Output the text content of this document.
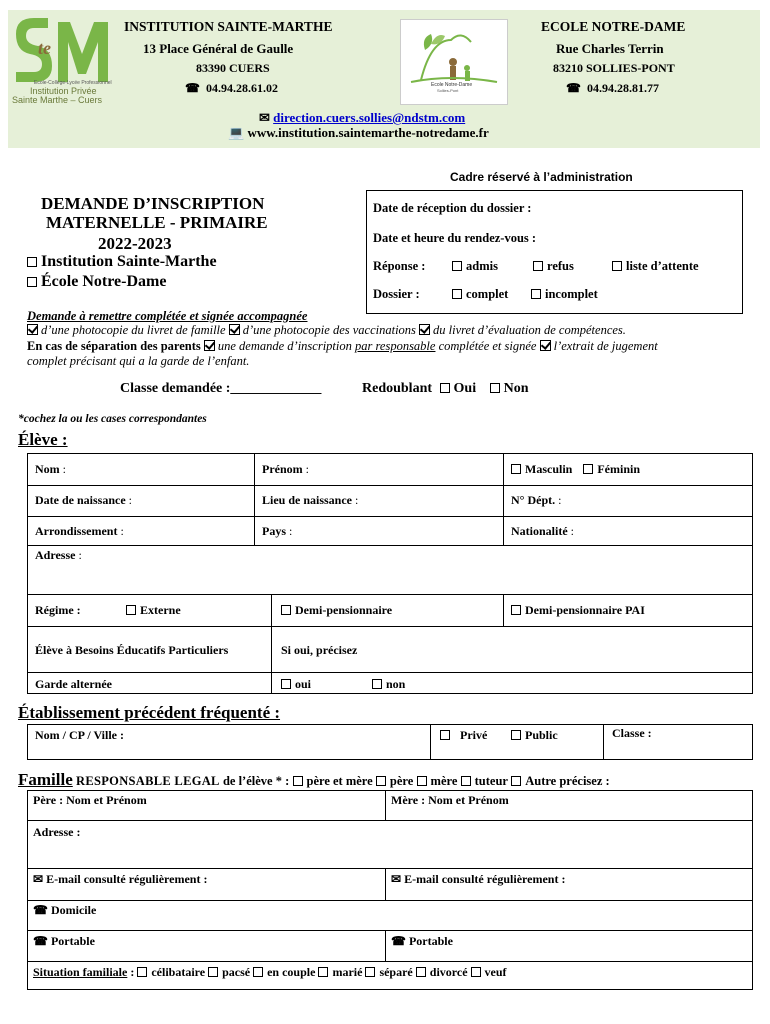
te
Ecole-Collège-Lycée Professionnel
Institution Privée
Sainte Marthe – Cuers
INSTITUTION SAINTE-MARTHE
13 Place Général de Gaulle
83390 CUERS
☎ 04.94.28.61.02	Ecole Notre-Dame
Sollies-Pont
ECOLE NOTRE-DAME
Rue Charles Terrin
83210 SOLLIES-PONT
☎ 04.94.28.81.77
✉ direction.cuers.sollies@ndstm.com
💻 www.institution.saintemarthe-notredame.fr
Cadre réservé à l’administration
Date de réception du dossier :
Date et heure du rendez-vous :
Réponse :	admis	refus	liste d’attente
Dossier :	complet	incomplet
DEMANDE D’INSCRIPTION
MATERNELLE - PRIMAIRE
2022-2023
Institution Sainte-Marthe
École Notre-Dame
Demande à remettre complétée et signée accompagnée
d’une photocopie du livret de famille d’une photocopie des vaccinations du livret d’évaluation de compétences.
En cas de séparation des parents une demande d’inscription par responsable complétée et signée l’extrait de jugement
complet précisant qui a la garde de l’enfant.
Classe demandée :_____________	Redoublant Oui Non
*cochez la ou les cases correspondantes
Élève :
Nom :	Prénom :	Masculin Féminin
Date de naissance :	Lieu de naissance :	N° Dépt. :
Arrondissement :	Pays :	Nationalité :
Adresse :
Régime :	Externe	Demi-pensionnaire	Demi-pensionnaire PAI
Élève à Besoins Éducatifs Particuliers	Si oui, précisez
Garde alternée	oui	non
Établissement précédent fréquenté :
Nom / CP / Ville :	Privé	Public	Classe :
Famille RESPONSABLE LEGAL de l’élève * : père et mère père mère tuteur Autre précisez :
Père : Nom et Prénom	Mère : Nom et Prénom
Adresse :
✉ E-mail consulté régulièrement :	✉ E-mail consulté régulièrement :
☎ Domicile
☎ Portable	☎ Portable
Situation familiale : célibataire pacsé en couple marié séparé divorcé veuf
